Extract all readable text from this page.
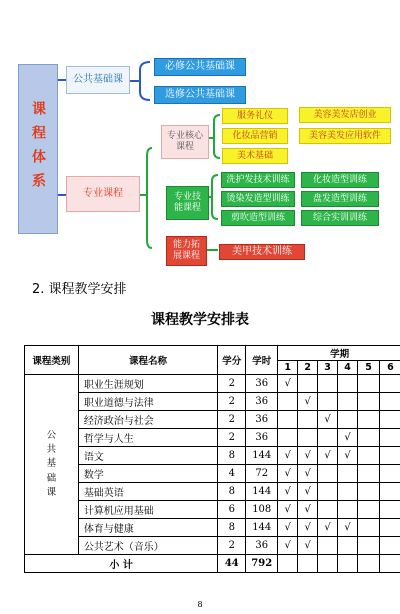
课程体系
公共基础课
必修公共基础课
选修公共基础课
专业课程
专业核心课程
服务礼仪	美容美发店创业
化妆品营销	美容美发应用软件
美术基础
专业技能课程
洗护发技术训练	化妆造型训练
烫染发造型训练	盘发造型训练
剪吹造型训练	综合实训训练
能力拓展课程	美甲技术训练
2. 课程教学安排
课程教学安排表
课程类别	课程名称	学分	学时	学期					
				1	2	3	4	5	6
公
共
基
础
课	职业生涯规划	2	36	√					
	职业道德与法律	2	36		√				
	经济政治与社会	2	36			√			
	哲学与人生	2	36				√		
	语文	8	144	√	√	√	√		
	数学	4	72	√	√				
	基础英语	8	144	√	√				
	计算机应用基础	6	108	√	√				
	体育与健康	8	144	√	√	√	√		
	公共艺术（音乐）	2	36	√	√				
小 计		44	792						
8
